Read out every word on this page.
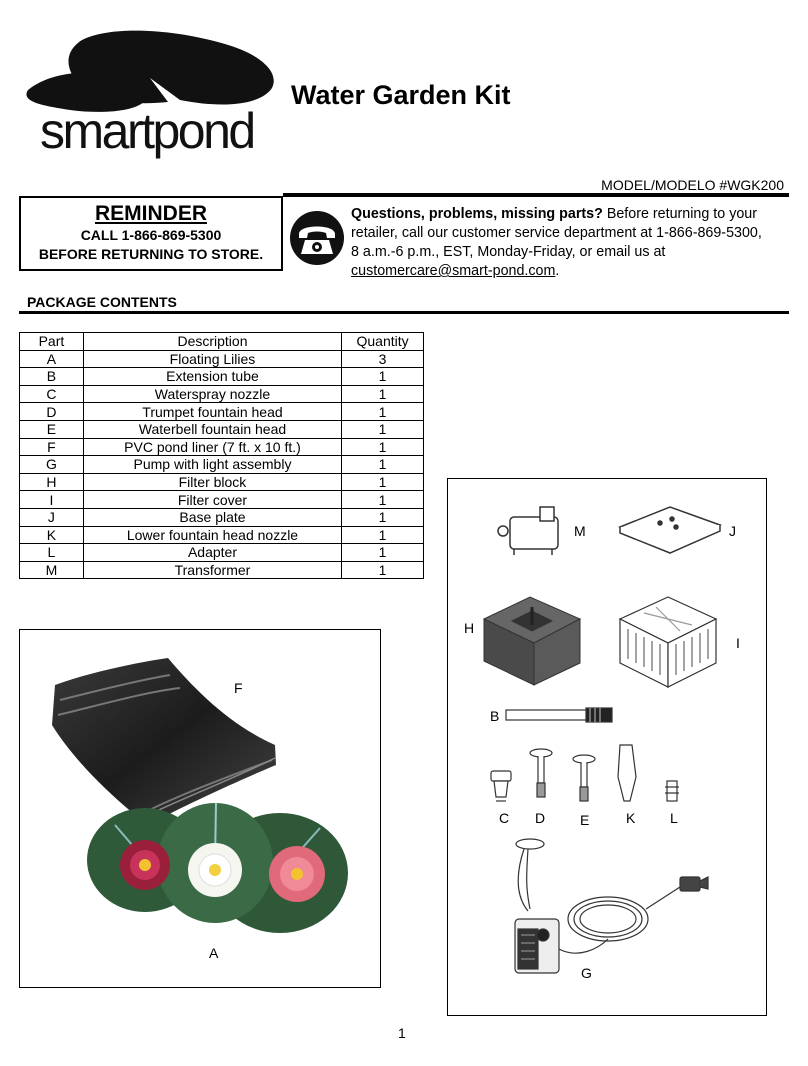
smartpond
Water Garden Kit
MODEL/MODELO #WGK200
REMINDER
CALL 1-866-869-5300
BEFORE RETURNING TO STORE.
Questions, problems, missing parts? Before returning to your retailer, call our customer service department at 1-866-869-5300, 8 a.m.-6 p.m., EST, Monday-Friday, or email us at customercare@smart-pond.com.
PACKAGE CONTENTS
Part	Description	Quantity
A	Floating Lilies	3
B	Extension tube	1
C	Waterspray nozzle	1
D	Trumpet fountain head	1
E	Waterbell fountain head	1
F	PVC pond liner (7 ft. x 10 ft.)	1
G	Pump with light assembly	1
H	Filter block	1
I	Filter cover	1
J	Base plate	1
K	Lower fountain head nozzle	1
L	Adapter	1
M	Transformer	1
F
A
M	J
H
I
B
C D E	K L
G
1
